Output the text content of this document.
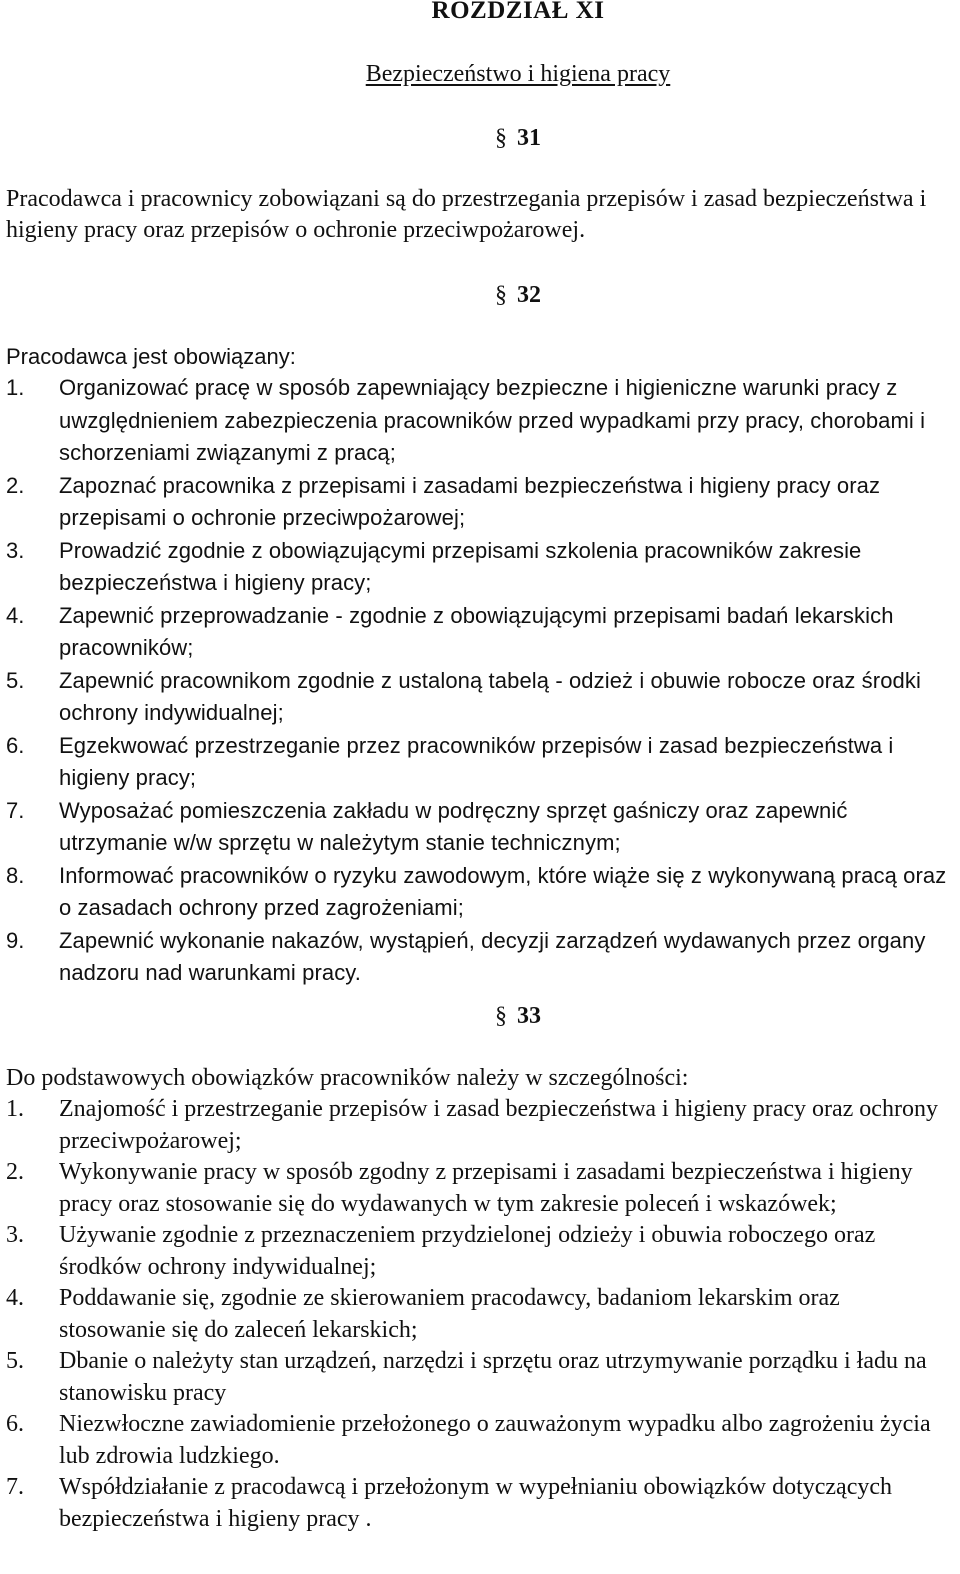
ROZDZIAŁ XI
Bezpieczeństwo i higiena pracy
§ 31
Pracodawca i pracownicy zobowiązani są do przestrzegania przepisów i zasad bezpieczeństwa i higieny pracy oraz przepisów o ochronie przeciwpożarowej.
§ 32
Pracodawca jest obowiązany:
1. Organizować pracę w sposób zapewniający bezpieczne i higieniczne warunki pracy z uwzględnieniem zabezpieczenia pracowników przed wypadkami przy pracy, chorobami i schorzeniami związanymi z pracą;
2. Zapoznać pracownika z przepisami i zasadami bezpieczeństwa i higieny pracy oraz przepisami o ochronie przeciwpożarowej;
3. Prowadzić zgodnie z obowiązującymi przepisami szkolenia pracowników zakresie bezpieczeństwa i higieny pracy;
4. Zapewnić przeprowadzanie - zgodnie z obowiązującymi przepisami badań lekarskich pracowników;
5. Zapewnić pracownikom zgodnie z ustaloną tabelą - odzież i obuwie robocze oraz środki ochrony indywidualnej;
6. Egzekwować przestrzeganie przez pracowników przepisów i zasad bezpieczeństwa i higieny pracy;
7. Wyposażać pomieszczenia zakładu w podręczny sprzęt gaśniczy oraz zapewnić utrzymanie w/w sprzętu w należytym stanie technicznym;
8. Informować pracowników o ryzyku zawodowym, które wiąże się z wykonywaną pracą oraz o zasadach ochrony przed zagrożeniami;
9. Zapewnić wykonanie nakazów, wystąpień, decyzji zarządzeń wydawanych przez organy nadzoru nad warunkami pracy.
§ 33
Do podstawowych obowiązków pracowników należy w szczególności:
1. Znajomość i przestrzeganie przepisów i zasad bezpieczeństwa i higieny pracy oraz ochrony przeciwpożarowej;
2. Wykonywanie pracy w sposób zgodny z przepisami i zasadami bezpieczeństwa i higieny pracy oraz stosowanie się do wydawanych w tym zakresie poleceń i wskazówek;
3. Używanie zgodnie z przeznaczeniem przydzielonej odzieży i obuwia roboczego oraz środków ochrony indywidualnej;
4. Poddawanie się, zgodnie ze skierowaniem pracodawcy, badaniom lekarskim oraz stosowanie się do zaleceń lekarskich;
5. Dbanie o należyty stan urządzeń, narzędzi i sprzętu oraz utrzymywanie porządku i ładu na stanowisku pracy
6. Niezwłoczne zawiadomienie przełożonego o zauważonym wypadku albo zagrożeniu życia lub zdrowia ludzkiego.
7. Współdziałanie z pracodawcą i przełożonym w wypełnianiu obowiązków dotyczących bezpieczeństwa i higieny pracy .
